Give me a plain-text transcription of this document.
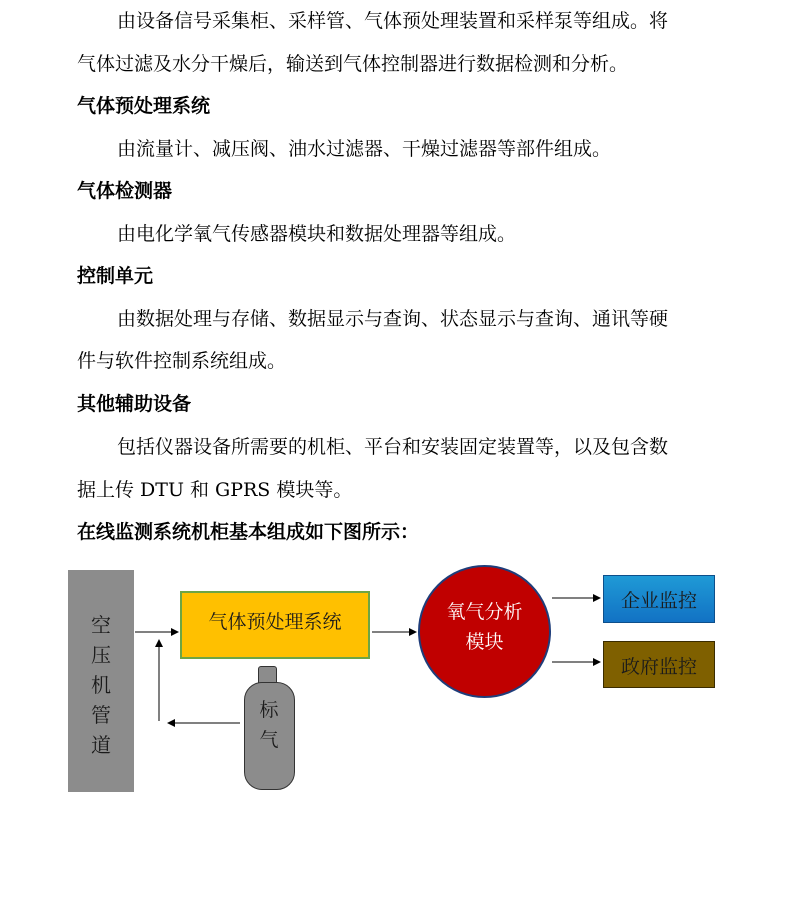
由设备信号采集柜、采样管、气体预处理装置和采样泵等组成。将
气体过滤及水分干燥后，输送到气体控制器进行数据检测和分析。
气体预处理系统
由流量计、减压阀、油水过滤器、干燥过滤器等部件组成。
气体检测器
由电化学氧气传感器模块和数据处理器等组成。
控制单元
由数据处理与存储、数据显示与查询、状态显示与查询、通讯等硬
件与软件控制系统组成。
其他辅助设备
包括仪器设备所需要的机柜、平台和安装固定装置等，以及包含数
据上传 DTU 和 GPRS 模块等。
在线监测系统机柜基本组成如下图所示：
空压机管道
气体预处理系统
标气
氧气分析模块
企业监控
政府监控
